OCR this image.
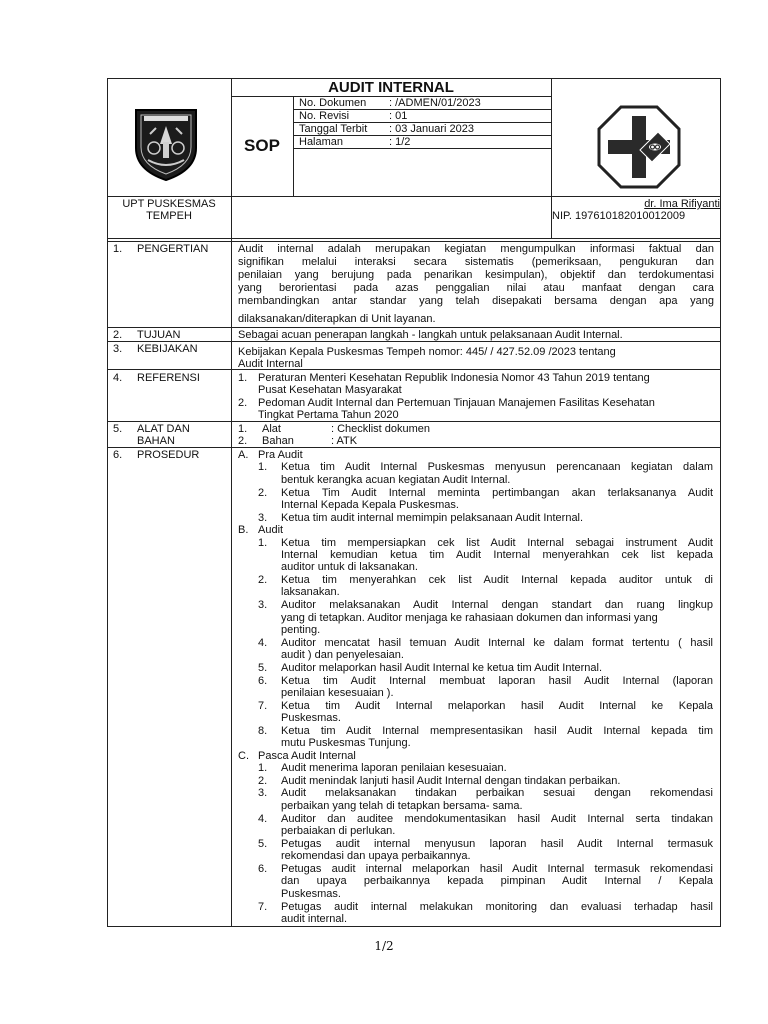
AUDIT INTERNAL
SOP
No. Dokumen : /ADMEN/01/2023
No. Revisi	: 01
Tanggal Terbit : 03 Januari 2023
Halaman	: 1/2
UPT PUSKESMAS
TEMPEH
dr. Ima Rifiyanti
NIP. 197610182010012009
1. PENGERTIAN	Audit internal adalah merupakan kegiatan mengumpulkan informasi faktual dan
signifikan melalui interaksi secara sistematis (pemeriksaan, pengukuran dan
penilaian yang berujung pada penarikan kesimpulan), objektif dan terdokumentasi
yang berorientasi pada azas penggalian nilai atau manfaat dengan cara
membandingkan antar standar yang telah disepakati bersama dengan apa yang
dilaksanakan/diterapkan di Unit layanan.
2. TUJUAN	Sebagai acuan penerapan langkah - langkah untuk pelaksanaan Audit Internal.
3. KEBIJAKAN	Kebijakan Kepala Puskesmas Tempeh nomor: 445/ / 427.52.09 /2023 tentang
Audit Internal
4. REFERENSI	1. Peraturan Menteri Kesehatan Republik Indonesia Nomor 43 Tahun 2019 tentang
Pusat Kesehatan Masyarakat
2. Pedoman Audit Internal dan Pertemuan Tinjauan Manajemen Fasilitas Kesehatan
Tingkat Pertama Tahun 2020
5. ALAT DAN
BAHAN
1. Alat	: Checklist dokumen
2. Bahan	: ATK
6. PROSEDUR	A. Pra Audit
1. Ketua tim Audit Internal Puskesmas menyusun perencanaan kegiatan dalam
bentuk kerangka acuan kegiatan Audit Internal.
2. Ketua Tim Audit Internal meminta pertimbangan akan terlaksananya Audit
Internal Kepada Kepala Puskesmas.
3. Ketua tim audit internal memimpin pelaksanaan Audit Internal.
B. Audit
1. Ketua tim mempersiapkan cek list Audit Internal sebagai instrument Audit
Internal kemudian ketua tim Audit Internal menyerahkan cek list kepada
auditor untuk di laksanakan.
2. Ketua tim menyerahkan cek list Audit Internal kepada auditor untuk di
laksanakan.
3. Auditor melaksanakan Audit Internal dengan standart dan ruang lingkup
yang di tetapkan. Auditor menjaga ke rahasiaan dokumen dan informasi yang
penting.
4. Auditor mencatat hasil temuan Audit Internal ke dalam format tertentu ( hasil
audit ) dan penyelesaian.
5. Auditor melaporkan hasil Audit Internal ke ketua tim Audit Internal.
6. Ketua tim Audit Internal membuat laporan hasil Audit Internal (laporan
penilaian kesesuaian ).
7. Ketua tim Audit Internal melaporkan hasil Audit Internal ke Kepala
Puskesmas.
8. Ketua tim Audit Internal mempresentasikan hasil Audit Internal kepada tim
mutu Puskesmas Tunjung.
C. Pasca Audit Internal
1. Audit menerima laporan penilaian kesesuaian.
2. Audit menindak lanjuti hasil Audit Internal dengan tindakan perbaikan.
3. Audit melaksanakan tindakan perbaikan sesuai dengan rekomendasi
perbaikan yang telah di tetapkan bersama- sama.
4. Auditor dan auditee mendokumentasikan hasil Audit Internal serta tindakan
perbaiakan di perlukan.
5. Petugas audit internal menyusun laporan hasil Audit Internal termasuk
rekomendasi dan upaya perbaikannya.
6. Petugas audit internal melaporkan hasil Audit Internal termasuk rekomendasi
dan upaya perbaikannya kepada pimpinan Audit Internal / Kepala
Puskesmas.
7. Petugas audit internal melakukan monitoring dan evaluasi terhadap hasil
audit internal.
1/2
